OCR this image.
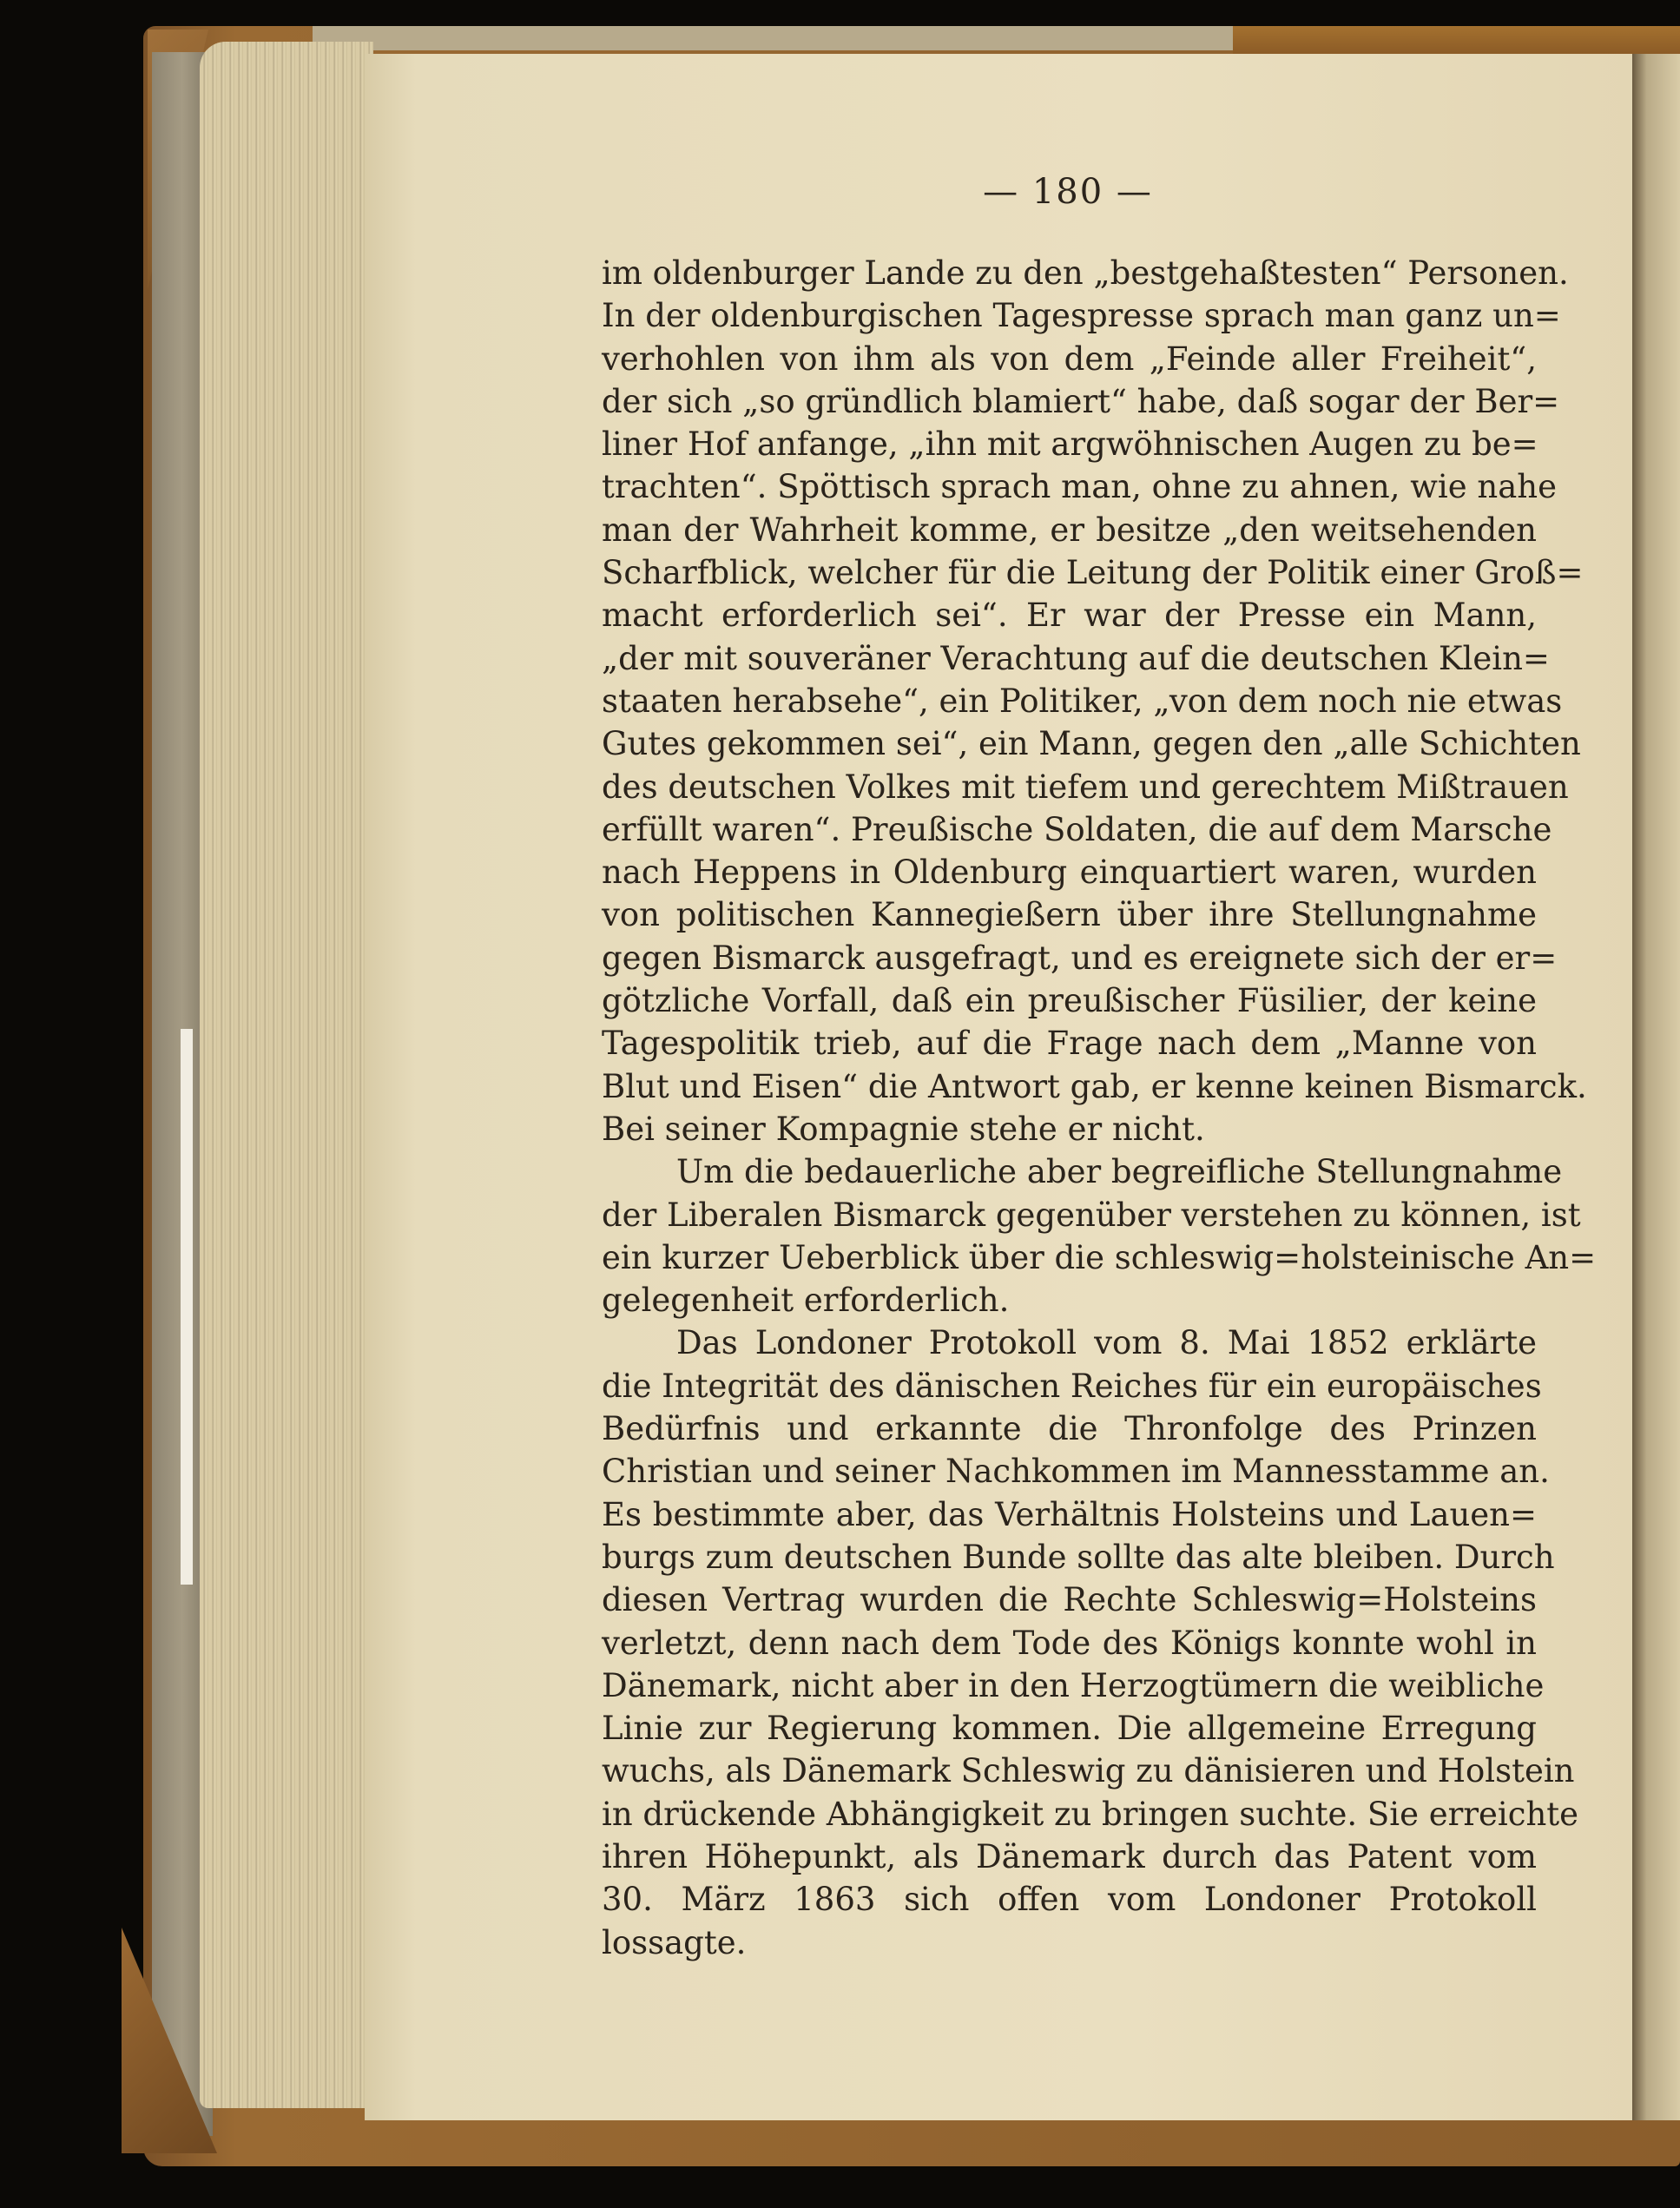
— 180 —
im oldenburger Lande zu den „bestgehaßtesten“ Personen.
In der oldenburgischen Tagespresse sprach man ganz un=
verhohlen von ihm als von dem „Feinde aller Freiheit“,
der sich „so gründlich blamiert“ habe, daß sogar der Ber=
liner Hof anfange, „ihn mit argwöhnischen Augen zu be=
trachten“. Spöttisch sprach man, ohne zu ahnen, wie nahe
man der Wahrheit komme, er besitze „den weitsehenden
Scharfblick, welcher für die Leitung der Politik einer Groß=
macht erforderlich sei“. Er war der Presse ein Mann,
„der mit souveräner Verachtung auf die deutschen Klein=
staaten herabsehe“, ein Politiker, „von dem noch nie etwas
Gutes gekommen sei“, ein Mann, gegen den „alle Schichten
des deutschen Volkes mit tiefem und gerechtem Mißtrauen
erfüllt waren“. Preußische Soldaten, die auf dem Marsche
nach Heppens in Oldenburg einquartiert waren, wurden
von politischen Kannegießern über ihre Stellungnahme
gegen Bismarck ausgefragt, und es ereignete sich der er=
götzliche Vorfall, daß ein preußischer Füsilier, der keine
Tagespolitik trieb, auf die Frage nach dem „Manne von
Blut und Eisen“ die Antwort gab, er kenne keinen Bismarck.
Bei seiner Kompagnie stehe er nicht.
Um die bedauerliche aber begreifliche Stellungnahme
der Liberalen Bismarck gegenüber verstehen zu können, ist
ein kurzer Ueberblick über die schleswig=holsteinische An=
gelegenheit erforderlich.
Das Londoner Protokoll vom 8. Mai 1852 erklärte
die Integrität des dänischen Reiches für ein europäisches
Bedürfnis und erkannte die Thronfolge des Prinzen
Christian und seiner Nachkommen im Mannesstamme an.
Es bestimmte aber, das Verhältnis Holsteins und Lauen=
burgs zum deutschen Bunde sollte das alte bleiben. Durch
diesen Vertrag wurden die Rechte Schleswig=Holsteins
verletzt, denn nach dem Tode des Königs konnte wohl in
Dänemark, nicht aber in den Herzogtümern die weibliche
Linie zur Regierung kommen. Die allgemeine Erregung
wuchs, als Dänemark Schleswig zu dänisieren und Holstein
in drückende Abhängigkeit zu bringen suchte. Sie erreichte
ihren Höhepunkt, als Dänemark durch das Patent vom
30. März 1863 sich offen vom Londoner Protokoll
lossagte.
